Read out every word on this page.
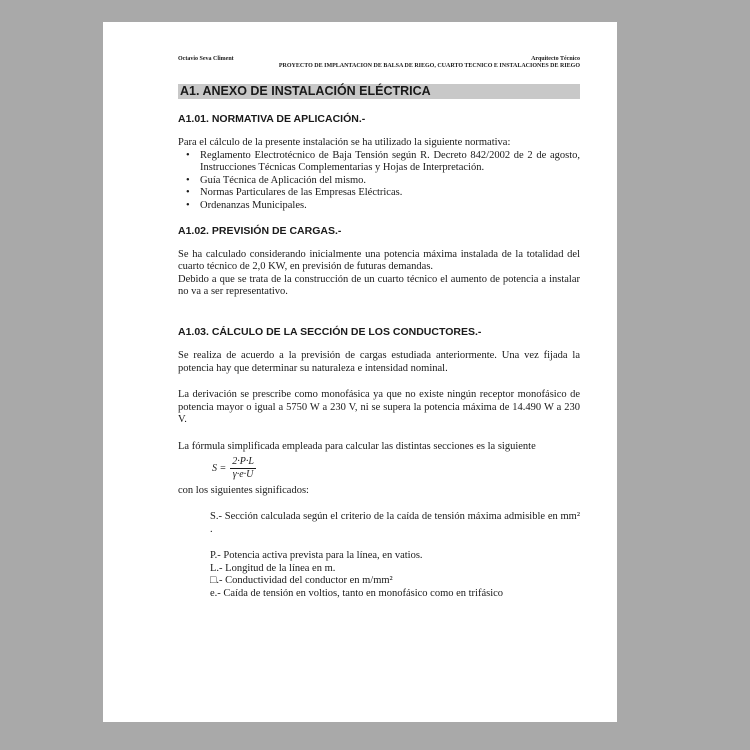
Octavio Seva Climent	Arquitecto Técnico
PROYECTO DE IMPLANTACION DE BALSA DE RIEGO, CUARTO TECNICO E INSTALACIONES DE RIEGO
A1. ANEXO DE INSTALACIÓN ELÉCTRICA
A1.01. NORMATIVA DE APLICACIÓN.-

Para el cálculo de la presente instalación se ha utilizado la siguiente normativa:

• Reglamento Electrotécnico de Baja Tensión según R. Decreto 842/2002 de 2 de agosto, Instrucciones Técnicas Complementarias y Hojas de Interpretación.
• Guía Técnica de Aplicación del mismo.
• Normas Particulares de las Empresas Eléctricas.
• Ordenanzas Municipales.
A1.02. PREVISIÓN DE CARGAS.-

Se ha calculado considerando inicialmente una potencia máxima instalada de la totalidad del cuarto técnico de 2,0 KW, en previsión de futuras demandas.

Debido a que se trata de la construcción de un cuarto técnico el aumento de potencia a instalar no va a ser representativo.

A1.03. CÁLCULO DE LA SECCIÓN DE LOS CONDUCTORES.-

Se realiza de acuerdo a la previsión de cargas estudiada anteriormente. Una vez fijada la potencia hay que determinar su naturaleza e intensidad nominal.

La derivación se prescribe como monofásica ya que no existe ningún receptor monofásico de potencia mayor o igual a 5750 W a 230 V, ni se supera la potencia máxima de 14.490 W a 230 V.

La fórmula simplificada empleada para calcular las distintas secciones es la siguiente

$S = \frac{2\cdot P\cdot L}{\gamma\cdot e\cdot U}$

con los siguientes significados:

S.- Sección calculada según el criterio de la caída de tensión máxima admisible en mm² .

P.- Potencia activa prevista para la línea, en vatios.
L.- Longitud de la línea en m.
□.- Conductividad del conductor en m/mm²
e.- Caída de tensión en voltios, tanto en monofásico como en trifásico
